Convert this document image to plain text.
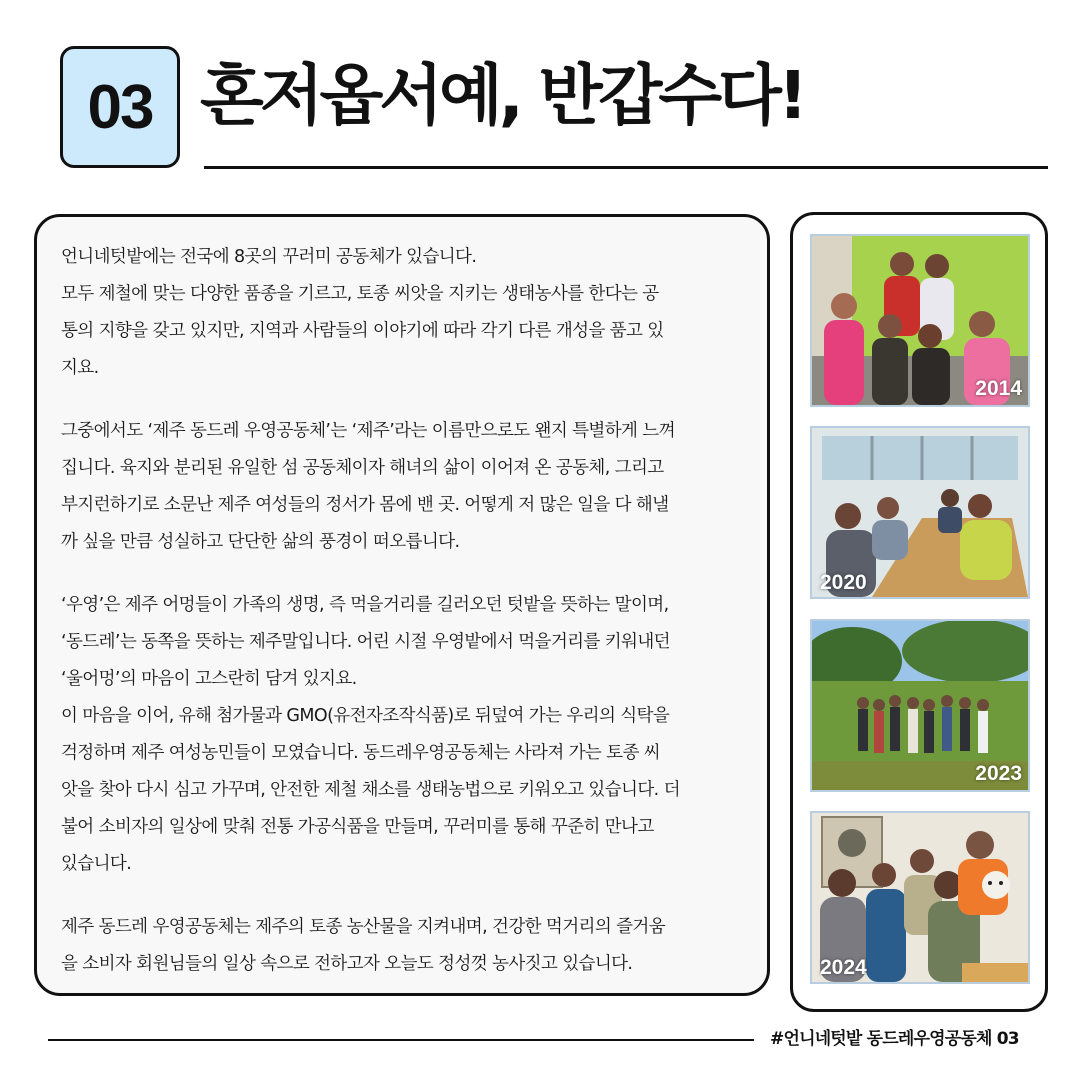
03 혼저옵서예, 반갑수다!
언니네텃밭에는 전국에 8곳의 꾸러미 공동체가 있습니다.
모두 제철에 맞는 다양한 품종을 기르고, 토종 씨앗을 지키는 생태농사를 한다는 공
통의 지향을 갖고 있지만, 지역과 사람들의 이야기에 따라 각기 다른 개성을 품고 있
지요.
그중에서도 ‘제주 동드레 우영공동체’는 ‘제주’라는 이름만으로도 왠지 특별하게 느껴
집니다. 육지와 분리된 유일한 섬 공동체이자 해녀의 삶이 이어져 온 공동체, 그리고
부지런하기로 소문난 제주 여성들의 정서가 몸에 밴 곳. 어떻게 저 많은 일을 다 해낼
까 싶을 만큼 성실하고 단단한 삶의 풍경이 떠오릅니다.
‘우영’은 제주 어멍들이 가족의 생명, 즉 먹을거리를 길러오던 텃밭을 뜻하는 말이며,
‘동드레’는 동쪽을 뜻하는 제주말입니다. 어린 시절 우영밭에서 먹을거리를 키워내던
‘울어멍’의 마음이 고스란히 담겨 있지요.
이 마음을 이어, 유해 첨가물과 GMO(유전자조작식품)로 뒤덮여 가는 우리의 식탁을
걱정하며 제주 여성농민들이 모였습니다. 동드레우영공동체는 사라져 가는 토종 씨
앗을 찾아 다시 심고 가꾸며, 안전한 제철 채소를 생태농법으로 키워오고 있습니다. 더
불어 소비자의 일상에 맞춰 전통 가공식품을 만들며, 꾸러미를 통해 꾸준히 만나고
있습니다.
제주 동드레 우영공동체는 제주의 토종 농산물을 지켜내며, 건강한 먹거리의 즐거움
을 소비자 회원님들의 일상 속으로 전하고자 오늘도 정성껏 농사짓고 있습니다.
2014
2020
2023
2024
#언니네텃밭 동드레우영공동체 03
